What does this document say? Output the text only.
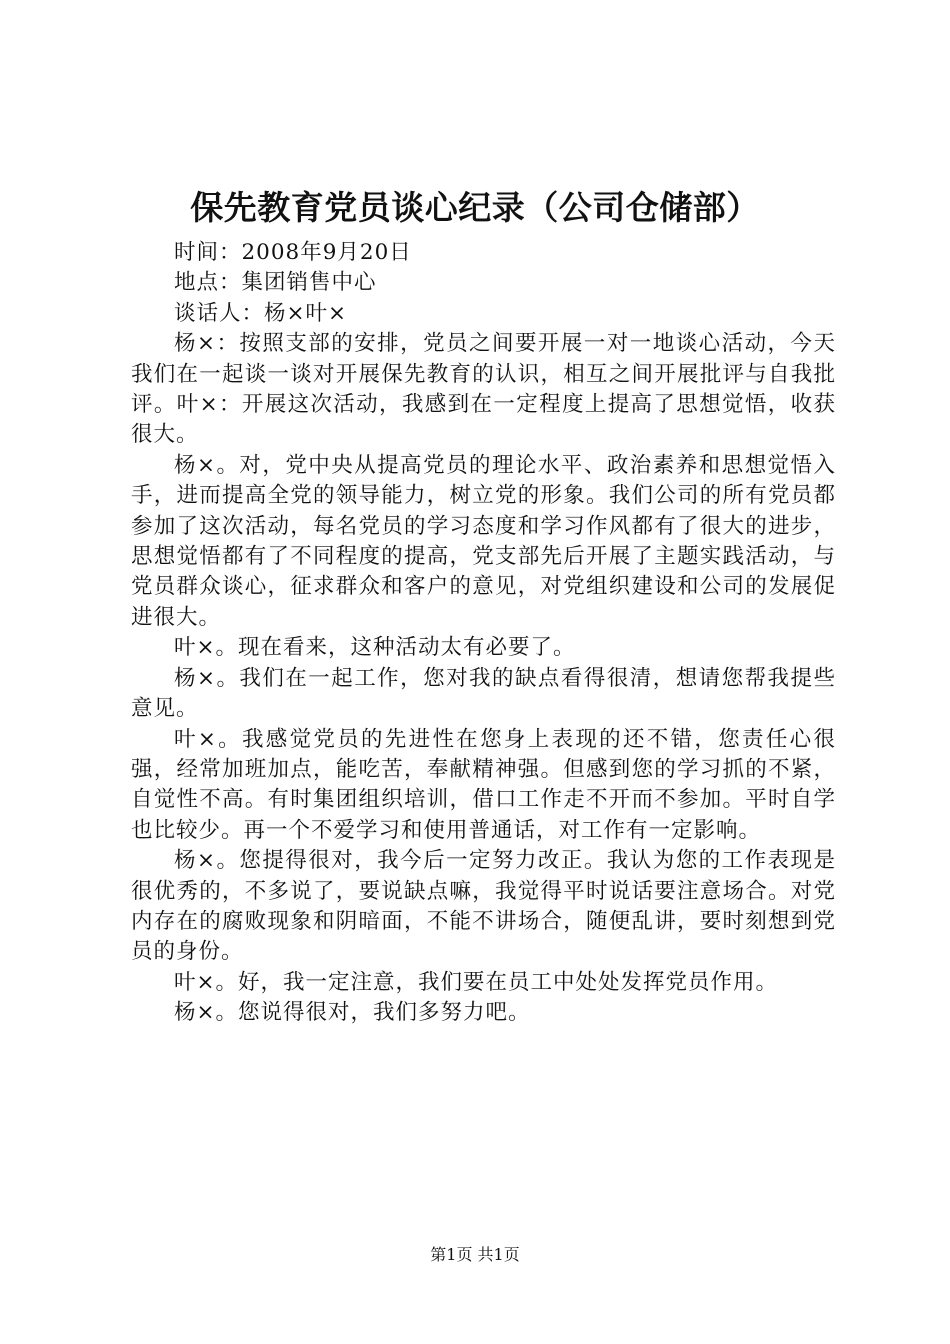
保先教育党员谈心纪录（公司仓储部）
时间：2008年9月20日
地点：集团销售中心
谈话人：杨×叶×

杨×：按照支部的安排，党员之间要开展一对一地谈心活动，今天我们在一起谈一谈对开展保先教育的认识，相互之间开展批评与自我批评。叶×：开展这次活动，我感到在一定程度上提高了思想觉悟，收获很大。

杨×。对，党中央从提高党员的理论水平、政治素养和思想觉悟入手，进而提高全党的领导能力，树立党的形象。我们公司的所有党员都参加了这次活动，每名党员的学习态度和学习作风都有了很大的进步，思想觉悟都有了不同程度的提高，党支部先后开展了主题实践活动，与党员群众谈心，征求群众和客户的意见，对党组织建设和公司的发展促进很大。

叶×。现在看来，这种活动太有必要了。

杨×。我们在一起工作，您对我的缺点看得很清，想请您帮我提些意见。

叶×。我感觉党员的先进性在您身上表现的还不错，您责任心很强，经常加班加点，能吃苦，奉献精神强。但感到您的学习抓的不紧，自觉性不高。有时集团组织培训，借口工作走不开而不参加。平时自学也比较少。再一个不爱学习和使用普通话，对工作有一定影响。

杨×。您提得很对，我今后一定努力改正。我认为您的工作表现是很优秀的，不多说了，要说缺点嘛，我觉得平时说话要注意场合。对党内存在的腐败现象和阴暗面，不能不讲场合，随便乱讲，要时刻想到党员的身份。

叶×。好，我一定注意，我们要在员工中处处发挥党员作用。

杨×。您说得很对，我们多努力吧。

第1页 共1页
